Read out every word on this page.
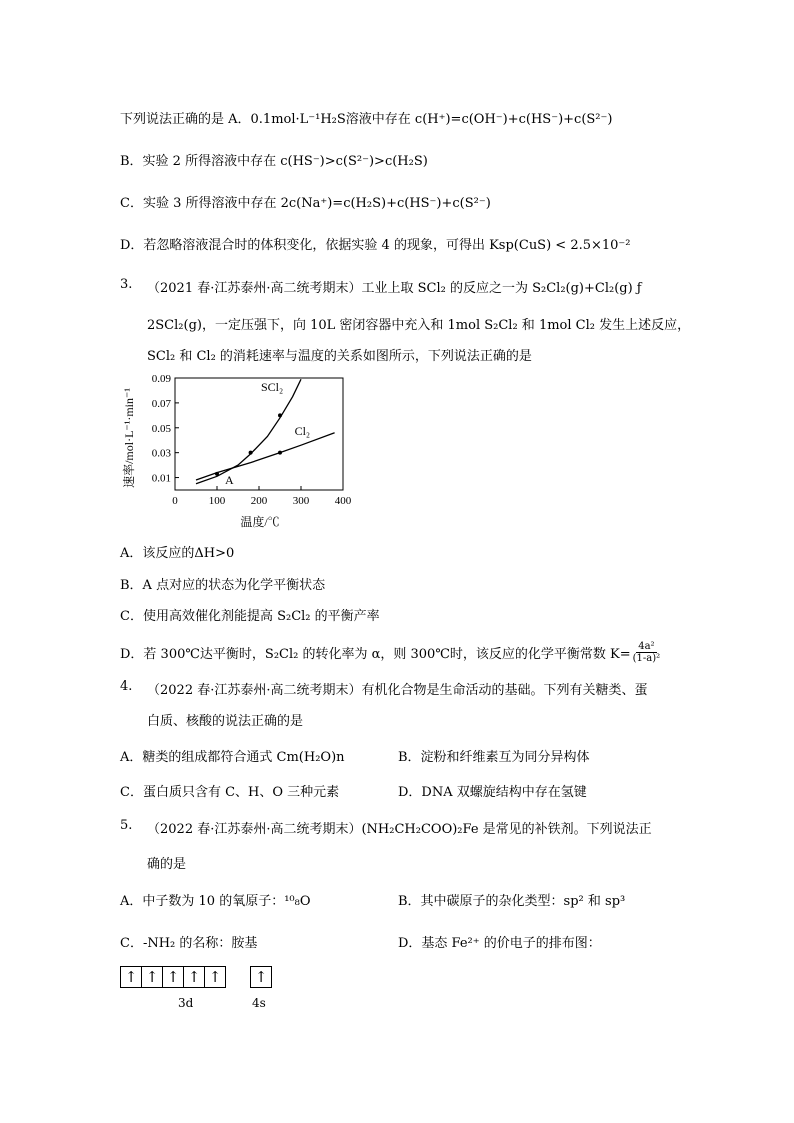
下列说法正确的是 A．0.1mol·L⁻¹H₂S溶液中存在 c(H⁺)=c(OH⁻)+c(HS⁻)+c(S²⁻)
B．实验 2 所得溶液中存在 c(HS⁻)>c(S²⁻)>c(H₂S)
C．实验 3 所得溶液中存在 2c(Na⁺)=c(H₂S)+c(HS⁻)+c(S²⁻)
D．若忽略溶液混合时的体积变化，依据实验 4 的现象，可得出 Ksp(CuS) < 2.5×10⁻²
3. （2021 春·江苏泰州·高二统考期末）工业上取 SCl₂ 的反应之一为 S₂Cl₂(g)+Cl₂(g) ƒ
2SCl₂(g)，一定压强下，向 10L 密闭容器中充入和 1mol S₂Cl₂ 和 1mol Cl₂ 发生上述反应，
SCl₂ 和 Cl₂ 的消耗速率与温度的关系如图所示，下列说法正确的是
速率/mol·L⁻¹·min⁻¹ 0.01
0.03
0.05
0.07
0.09
0	100 200 300 400
SCl₂
Cl₂
A
温度/℃
A．该反应的ΔH>0
B．A 点对应的状态为化学平衡状态
C．使用高效催化剂能提高 S₂Cl₂ 的平衡产率
D．若 300℃达平衡时，S₂Cl₂ 的转化率为 α，则 300℃时，该反应的化学平衡常数 $K= \frac{\text{4a²}}{\text{(1-a)²}}$
4. （2022 春·江苏泰州·高二统考期末）有机化合物是生命活动的基础。下列有关糖类、蛋
白质、核酸的说法正确的是
A．糖类的组成都符合通式 Cm(H₂O)n	B．淀粉和纤维素互为同分异构体
C．蛋白质只含有 C、H、O 三种元素	D．DNA 双螺旋结构中存在氢键
5. （2022 春·江苏泰州·高二统考期末）(NH₂CH₂COO)₂Fe 是常见的补铁剂。下列说法正
确的是
A．中子数为 10 的氧原子：¹⁰₈O	B．其中碳原子的杂化类型：sp² 和 sp³
C．-NH₂ 的名称：胺基	D．基态 Fe²⁺ 的价电子的排布图：
↑ ↑ ↑ ↑ ↑	↑
3d	4s
